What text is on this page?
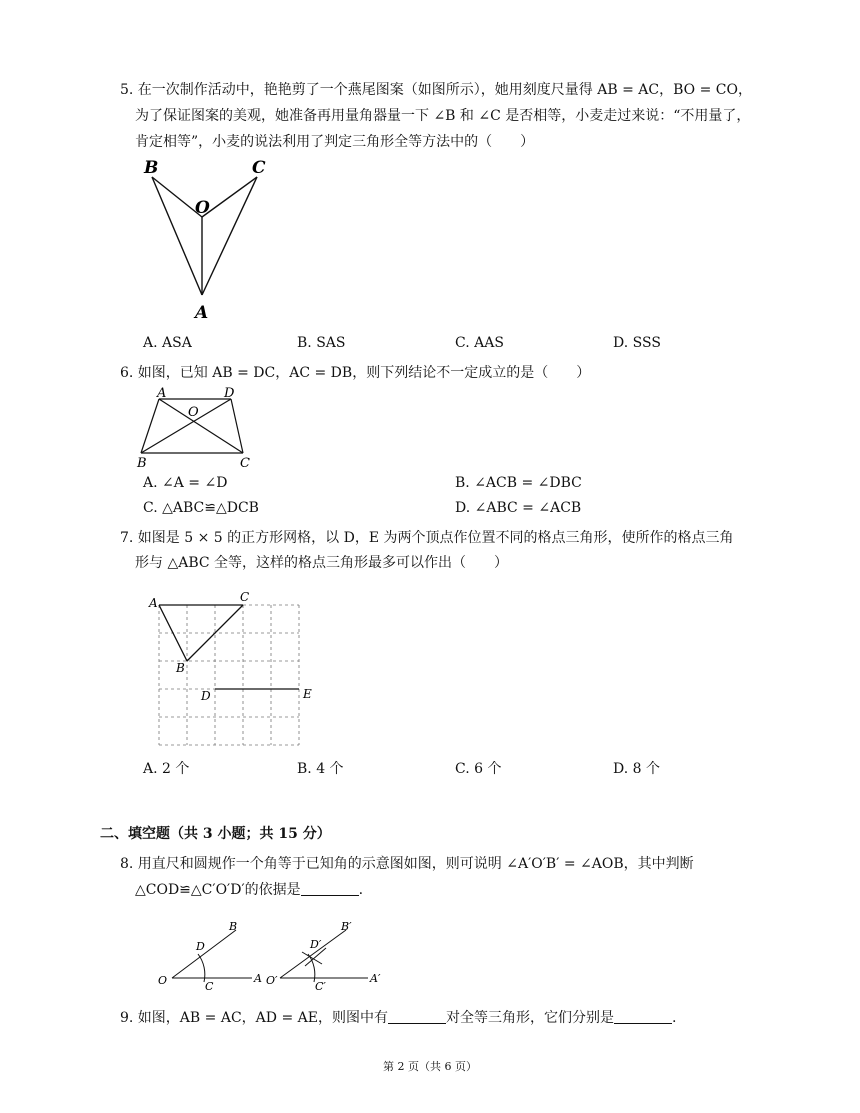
5. 在一次制作活动中，艳艳剪了一个燕尾图案（如图所示），她用刻度尺量得 AB = AC，BO = CO，
为了保证图案的美观，她准备再用量角器量一下 ∠B 和 ∠C 是否相等，小麦走过来说：“不用量了，
肯定相等”，小麦的说法利用了判定三角形全等方法中的（　　）
B	C
O
A
A. ASA	B. SAS	C. AAS	D. SSS
6. 如图，已知 AB = DC，AC = DB，则下列结论不一定成立的是（　　）
A	D
O
B	C
A. ∠A = ∠D	B. ∠ACB = ∠DBC
C. △ABC≌△DCB	D. ∠ABC = ∠ACB
7. 如图是 5 × 5 的正方形网格，以 D，E 为两个顶点作位置不同的格点三角形，使所作的格点三角
形与 △ABC 全等，这样的格点三角形最多可以作出（　　）
A	C
B
D	E
A. 2 个	B. 4 个	C. 6 个	D. 8 个
二、填空题（共 3 小题；共 15 分）
8. 用直尺和圆规作一个角等于已知角的示意图如图，则可说明 ∠A′O′B′ = ∠AOB，其中判断
△COD≌△C′O′D′的依据是	.
B
D
O	C
A
B′
D′
O′	C′
A′
9. 如图，AB = AC，AD = AE，则图中有	对全等三角形，它们分别是	.
第 2 页（共 6 页）
